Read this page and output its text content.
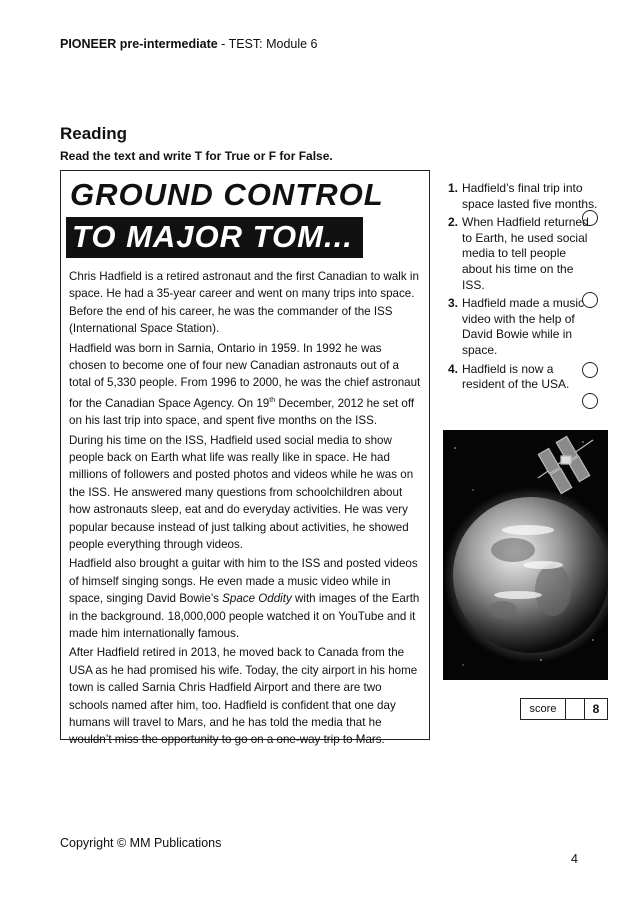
PIONEER pre-intermediate - TEST: Module 6
Reading
Read the text and write T for True or F for False.
GROUND CONTROL
TO MAJOR TOM...

Chris Hadfield is a retired astronaut and the first Canadian to walk in space. He had a 35-year career and went on many trips into space. Before the end of his career, he was the commander of the ISS (International Space Station).

Hadfield was born in Sarnia, Ontario in 1959. In 1992 he was chosen to become one of four new Canadian astronauts out of a total of 5,330 people. From 1996 to 2000, he was the chief astronaut for the Canadian Space Agency. On 19th December, 2012 he set off on his last trip into space, and spent five months on the ISS.

During his time on the ISS, Hadfield used social media to show people back on Earth what life was really like in space. He had millions of followers and posted photos and videos while he was on the ISS. He answered many questions from schoolchildren about how astronauts sleep, eat and do everyday activities. He was very popular because instead of just talking about activities, he showed people everything through videos.

Hadfield also brought a guitar with him to the ISS and posted videos of himself singing songs. He even made a music video while in space, singing David Bowie’s Space Oddity with images of the Earth in the background. 18,000,000 people watched it on YouTube and it made him internationally famous.

After Hadfield retired in 2013, he moved back to Canada from the USA as he had promised his wife. Today, the city airport in his home town is called Sarnia Chris Hadfield Airport and there are two schools named after him, too. Hadfield is confident that one day humans will travel to Mars, and he has told the media that he wouldn’t miss the opportunity to go on a one-way trip to Mars.

1. Hadfield’s final trip into space lasted five months.
2. When Hadfield returned to Earth, he used social media to tell people about his time on the ISS.
3. Hadfield made a music video with the help of David Bowie while in space.
4. Hadfield is now a resident of the USA.
score	8
Copyright © MM Publications
4
